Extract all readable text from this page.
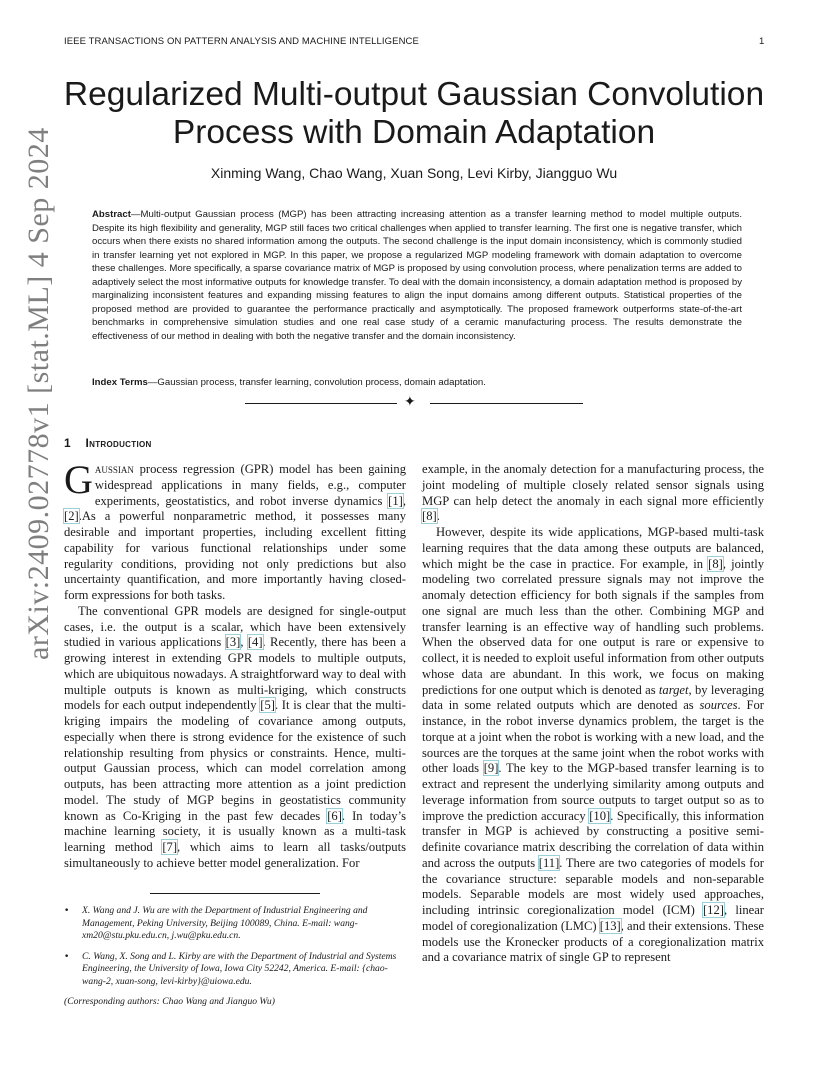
IEEE TRANSACTIONS ON PATTERN ANALYSIS AND MACHINE INTELLIGENCE	1
arXiv:2409.02778v1 [stat.ML] 4 Sep 2024
Regularized Multi-output Gaussian Convolution
Process with Domain Adaptation
Xinming Wang, Chao Wang, Xuan Song, Levi Kirby, Jiangguo Wu
Abstract—Multi-output Gaussian process (MGP) has been attracting increasing attention as a transfer learning method to model multiple outputs. Despite its high flexibility and generality, MGP still faces two critical challenges when applied to transfer learning. The first one is negative transfer, which occurs when there exists no shared information among the outputs. The second challenge is the input domain inconsistency, which is commonly studied in transfer learning yet not explored in MGP. In this paper, we propose a regularized MGP modeling framework with domain adaptation to overcome these challenges. More specifically, a sparse covariance matrix of MGP is proposed by using convolution process, where penalization terms are added to adaptively select the most informative outputs for knowledge transfer. To deal with the domain inconsistency, a domain adaptation method is proposed by marginalizing inconsistent features and expanding missing features to align the input domains among different outputs. Statistical properties of the proposed method are provided to guarantee the performance practically and asymptotically. The proposed framework outperforms state-of-the-art benchmarks in comprehensive simulation studies and one real case study of a ceramic manufacturing process. The results demonstrate the effectiveness of our method in dealing with both the negative transfer and the domain inconsistency.
Index Terms—Gaussian process, transfer learning, convolution process, domain adaptation.
✦
1 Introduction

Gaussian process regression (GPR) model has been gaining widespread applications in many fields, e.g., computer experiments, geostatistics, and robot inverse dynamics [1], [2].As a powerful nonparametric method, it possesses many desirable and important properties, including excellent fitting capability for various functional relationships under some regularity conditions, providing not only predictions but also uncertainty quantification, and more importantly having closed-form expressions for both tasks.

The conventional GPR models are designed for single-output cases, i.e. the output is a scalar, which have been extensively studied in various applications [3], [4]. Recently, there has been a growing interest in extending GPR models to multiple outputs, which are ubiquitous nowadays. A straightforward way to deal with multiple outputs is known as multi-kriging, which constructs models for each output independently [5]. It is clear that the multi-kriging impairs the modeling of covariance among outputs, especially when there is strong evidence for the existence of such relationship resulting from physics or constraints. Hence, multi-output Gaussian process, which can model correlation among outputs, has been attracting more attention as a joint prediction model. The study of MGP begins in geostatistics community known as Co-Kriging in the past few decades [6]. In today’s machine learning society, it is usually known as a multi-task learning method [7], which aims to learn all tasks/outputs simultaneously to achieve better model generalization. For

• X. Wang and J. Wu are with the Department of Industrial Engineering and Management, Peking University, Beijing 100089, China. E-mail: wang-xm20@stu.pku.edu.cn, j.wu@pku.edu.cn.
• C. Wang, X. Song and L. Kirby are with the Department of Industrial and Systems Engineering, the University of Iowa, Iowa City 52242, America. E-mail: {chao-wang-2, xuan-song, levi-kirby}@uiowa.edu.
(Corresponding authors: Chao Wang and Jianguo Wu)

example, in the anomaly detection for a manufacturing process, the joint modeling of multiple closely related sensor signals using MGP can help detect the anomaly in each signal more efficiently [8].

However, despite its wide applications, MGP-based multi-task learning requires that the data among these outputs are balanced, which might be the case in practice. For example, in [8], jointly modeling two correlated pressure signals may not improve the anomaly detection efficiency for both signals if the samples from one signal are much less than the other. Combining MGP and transfer learning is an effective way of handling such problems. When the observed data for one output is rare or expensive to collect, it is needed to exploit useful information from other outputs whose data are abundant. In this work, we focus on making predictions for one output which is denoted as target, by leveraging data in some related outputs which are denoted as sources. For instance, in the robot inverse dynamics problem, the target is the torque at a joint when the robot is working with a new load, and the sources are the torques at the same joint when the robot works with other loads [9]. The key to the MGP-based transfer learning is to extract and represent the underlying similarity among outputs and leverage information from source outputs to target output so as to improve the prediction accuracy [10]. Specifically, this information transfer in MGP is achieved by constructing a positive semi-definite covariance matrix describing the correlation of data within and across the outputs [11]. There are two categories of models for the covariance structure: separable models and non-separable models. Separable models are most widely used approaches, including intrinsic coregionalization model (ICM) [12], linear model of coregionalization (LMC) [13], and their extensions. These models use the Kronecker products of a coregionalization matrix and a covariance matrix of single GP to represent
